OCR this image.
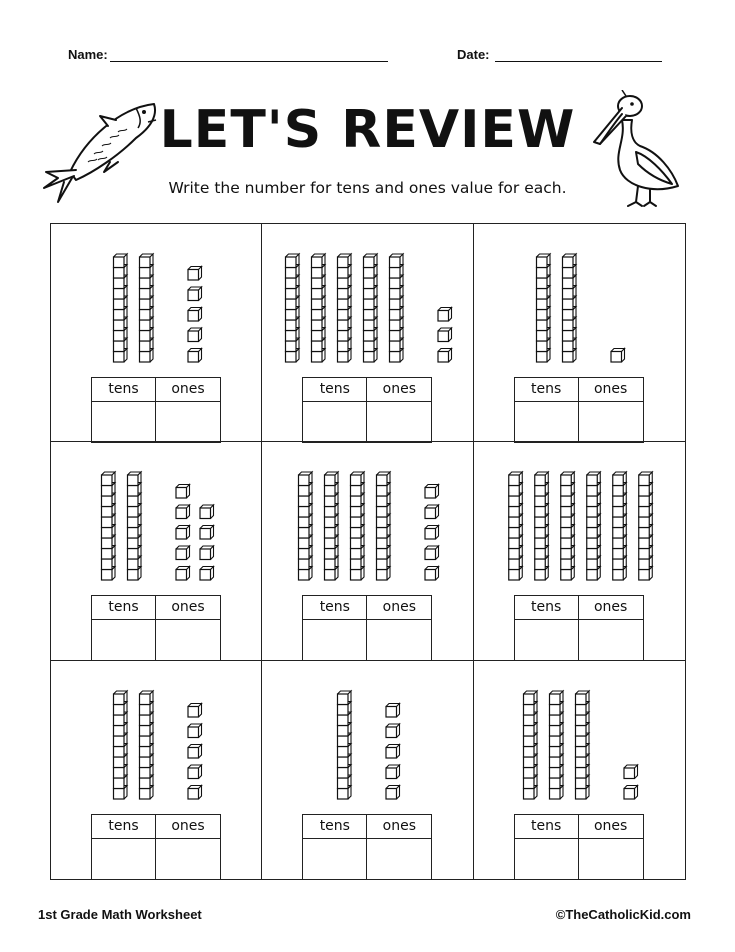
Name:	Date:
LET'S REVIEW
Write the number for tens and ones value for each.
tens	ones	tens	ones	tens	ones
tens	ones	tens	ones	tens	ones
tens	ones	tens	ones	tens	ones
1st Grade Math Worksheet	©TheCatholicKid.com
